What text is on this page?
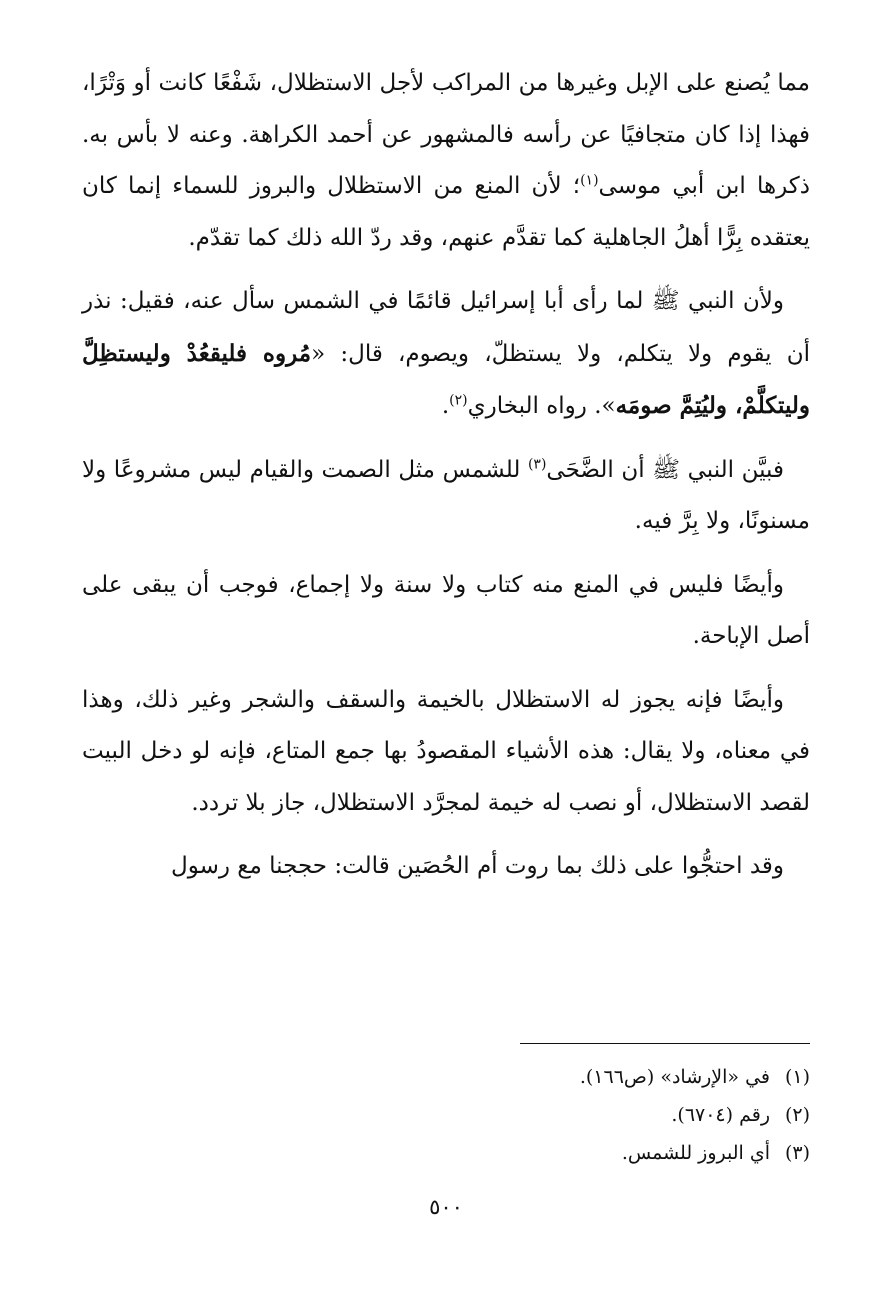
مما يُصنع على الإبل وغيرها من المراكب لأجل الاستظلال، شَفْعًا كانت أو وَتْرًا، فهذا إذا كان متجافيًا عن رأسه فالمشهور عن أحمد الكراهة. وعنه لا بأس به. ذكرها ابن أبي موسى$^{(١)}$؛ لأن المنع من الاستظلال والبروز للسماء إنما كان يعتقده بِرًّا أهلُ الجاهلية كما تقدَّم عنهم، وقد ردّ الله ذلك كما تقدّم.

ولأن النبي ﷺ لما رأى أبا إسرائيل قائمًا في الشمس سأل عنه، فقيل: نذر أن يقوم ولا يتكلم، ولا يستظلّ، ويصوم، قال: «مُروه فليقعُدْ وليستظِلَّ وليتكلَّمْ، وليُتِمَّ صومَه». رواه البخاري$^{(٢)}$.

فبيَّن النبي ﷺ أن الضَّحَى$^{(٣)}$ للشمس مثل الصمت والقيام ليس مشروعًا ولا مسنونًا، ولا بِرَّ فيه.

وأيضًا فليس في المنع منه كتاب ولا سنة ولا إجماع، فوجب أن يبقى على أصل الإباحة.

وأيضًا فإنه يجوز له الاستظلال بالخيمة والسقف والشجر وغير ذلك، وهذا في معناه، ولا يقال: هذه الأشياء المقصودُ بها جمع المتاع، فإنه لو دخل البيت لقصد الاستظلال، أو نصب له خيمة لمجرَّد الاستظلال، جاز بلا تردد.

وقد احتجُّوا على ذلك بما روت أم الحُصَين قالت: حججنا مع رسول

(١)في «الإرشاد» (ص١٦٦).
(٢)رقم (٦٧٠٤).
(٣)أي البروز للشمس.
٥٠٠
